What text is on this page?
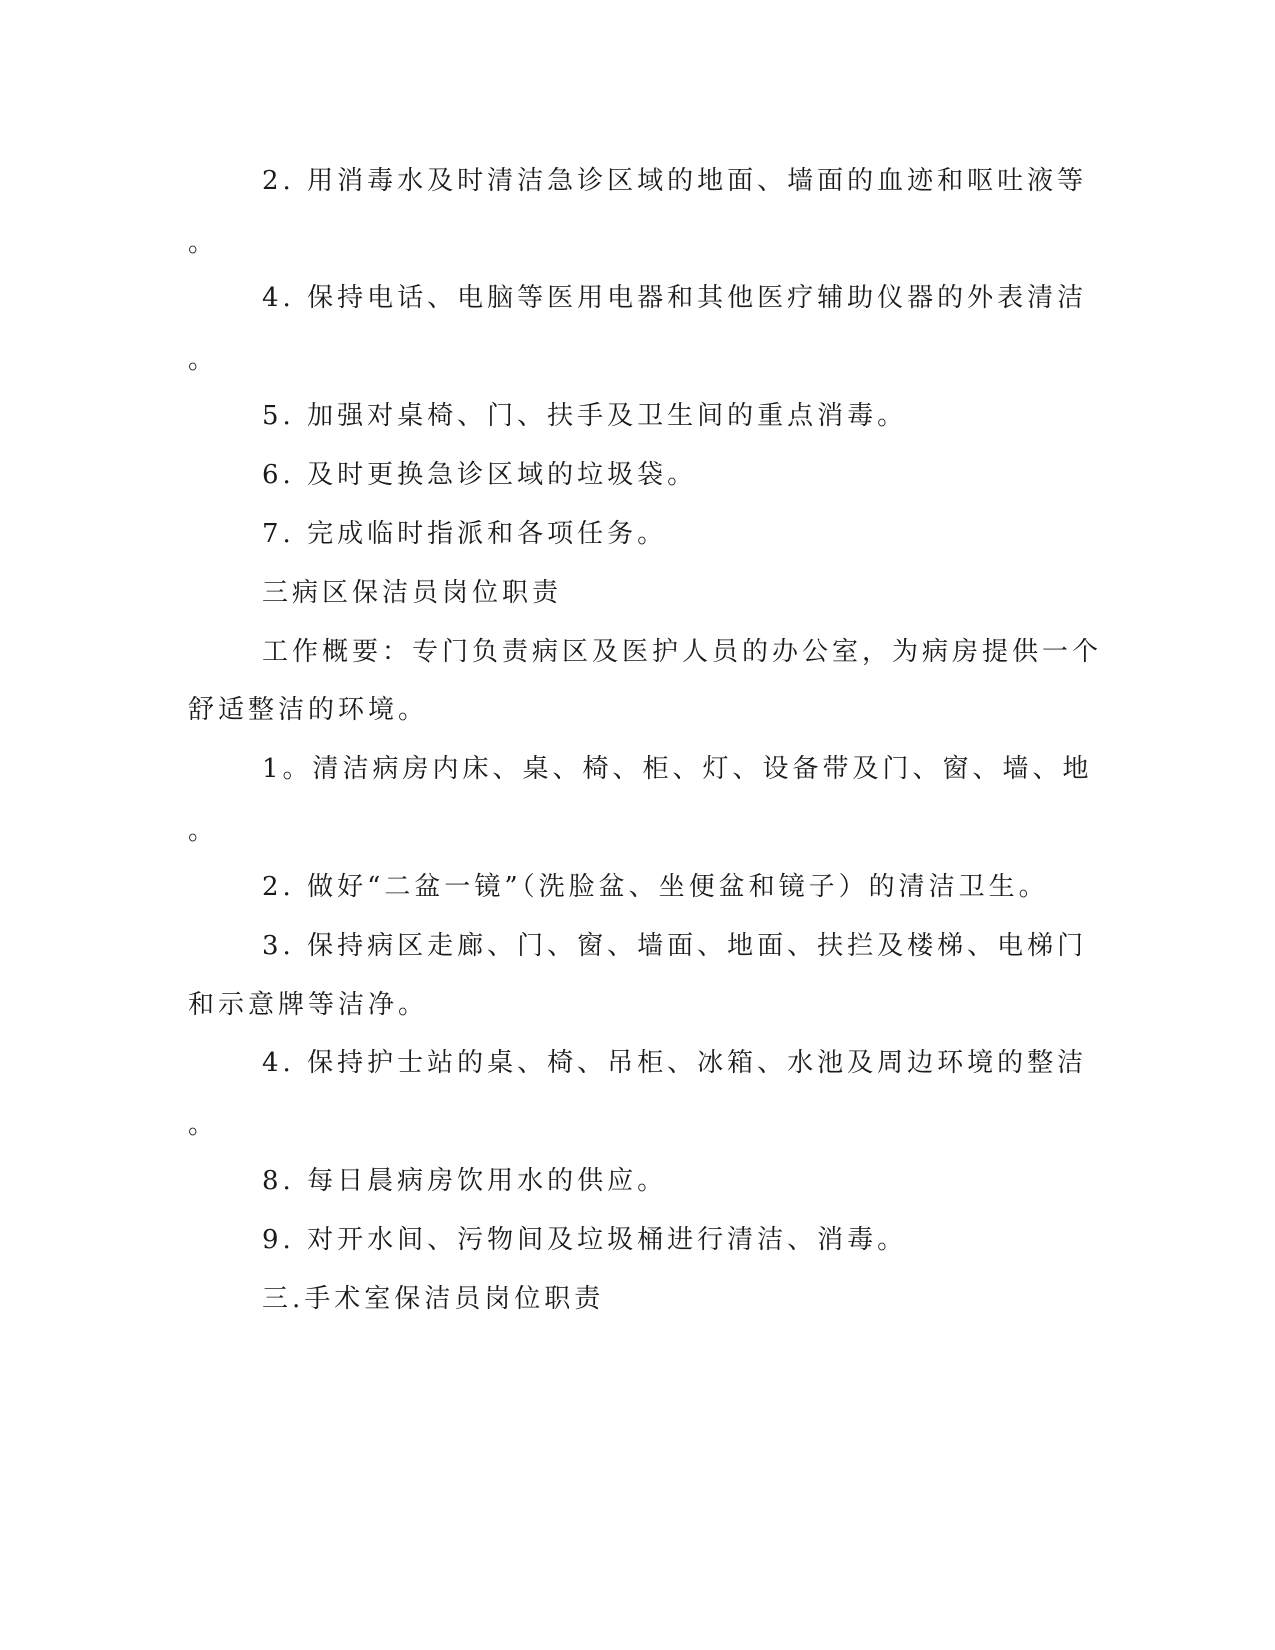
2. 用消毒水及时清洁急诊区域的地面、墙面的血迹和呕吐液等

。

4. 保持电话、电脑等医用电器和其他医疗辅助仪器的外表清洁

。

5. 加强对桌椅、门、扶手及卫生间的重点消毒。

6. 及时更换急诊区域的垃圾袋。

7. 完成临时指派和各项任务。

三病区保洁员岗位职责

工作概要：专门负责病区及医护人员的办公室，为病房提供一个

舒适整洁的环境。

1。清洁病房内床、桌、椅、柜、灯、设备带及门、窗、墙、地

。

2. 做好“二盆一镜”（洗脸盆、坐便盆和镜子）的清洁卫生。

3. 保持病区走廊、门、窗、墙面、地面、扶拦及楼梯、电梯门

和示意牌等洁净。

4. 保持护士站的桌、椅、吊柜、冰箱、水池及周边环境的整洁

。

8. 每日晨病房饮用水的供应。

9. 对开水间、污物间及垃圾桶进行清洁、消毒。

三.手术室保洁员岗位职责
